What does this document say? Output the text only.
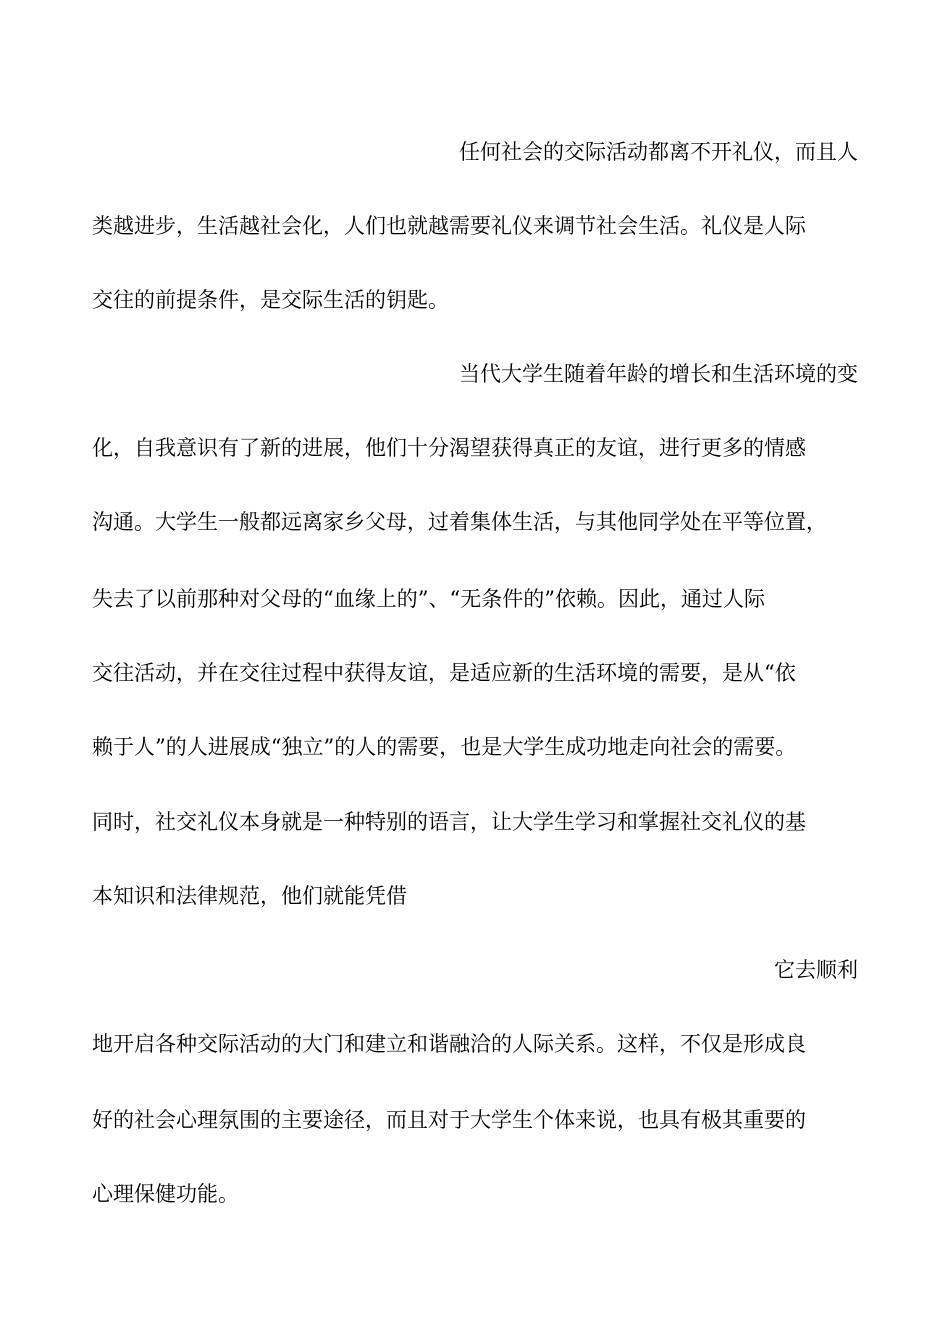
任何社会的交际活动都离不开礼仪，而且人
类越进步，生活越社会化，人们也就越需要礼仪来调节社会生活。礼仪是人际
交往的前提条件，是交际生活的钥匙。
当代大学生随着年龄的增长和生活环境的变
化，自我意识有了新的进展，他们十分渴望获得真正的友谊，进行更多的情感
沟通。大学生一般都远离家乡父母，过着集体生活，与其他同学处在平等位置，
失去了以前那种对父母的“血缘上的”、“无条件的”依赖。因此，通过人际
交往活动，并在交往过程中获得友谊，是适应新的生活环境的需要，是从“依
赖于人”的人进展成“独立”的人的需要，也是大学生成功地走向社会的需要。
同时，社交礼仪本身就是一种特别的语言，让大学生学习和掌握社交礼仪的基
本知识和法律规范，他们就能凭借
它去顺利
地开启各种交际活动的大门和建立和谐融洽的人际关系。这样，不仅是形成良
好的社会心理氛围的主要途径，而且对于大学生个体来说，也具有极其重要的
心理保健功能。
